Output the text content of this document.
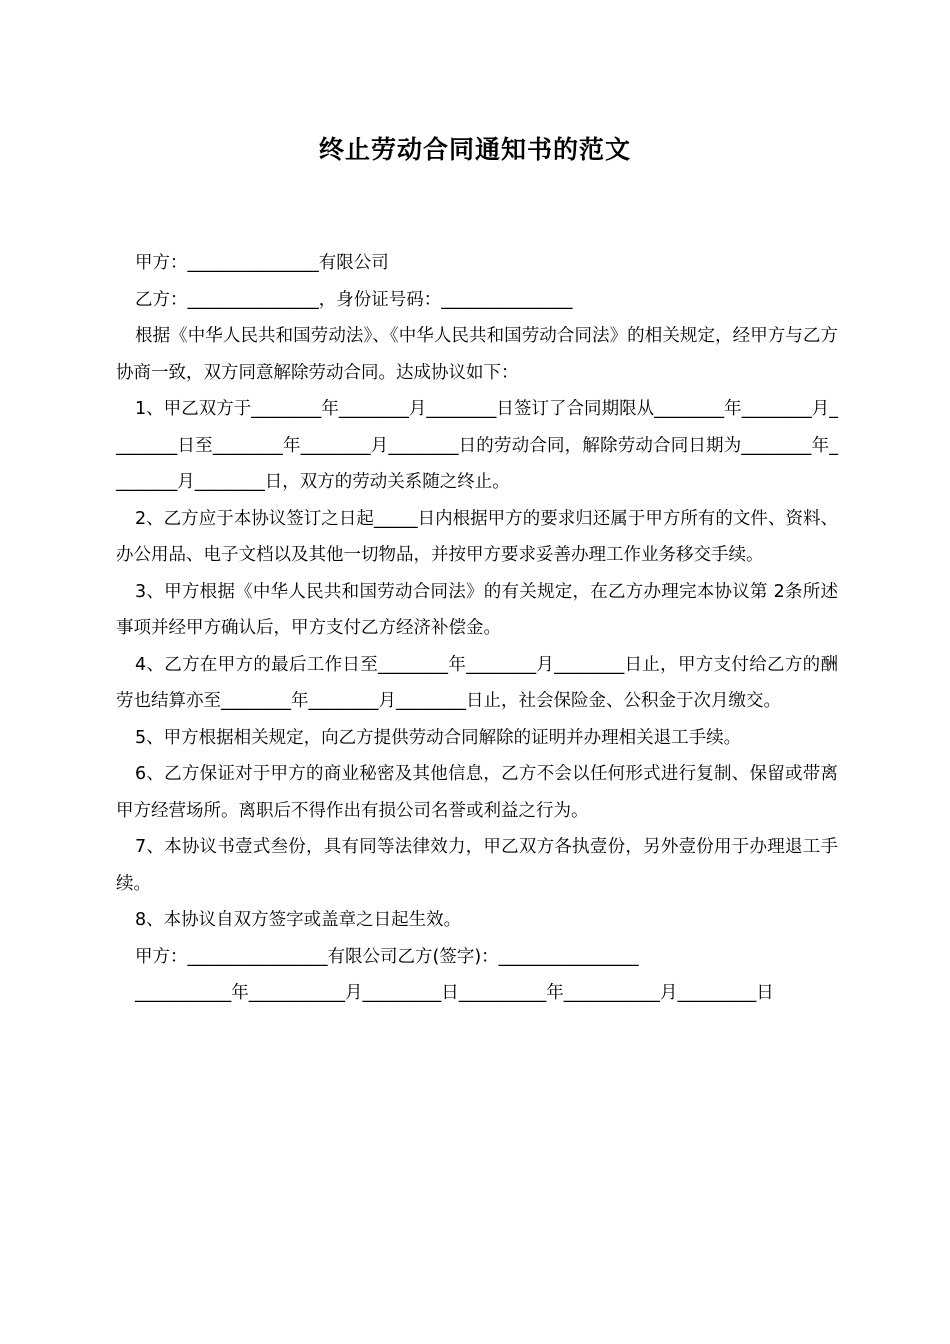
终止劳动合同通知书的范文

甲方：_______________有限公司

乙方：_______________，身份证号码：_______________

根据《中华人民共和国劳动法》、《中华人民共和国劳动合同法》的相关规定，经甲方与乙方协商一致，双方同意解除劳动合同。达成协议如下：

1、甲乙双方于________年________月________日签订了合同期限从________年________月________日至________年________月________日的劳动合同，解除劳动合同日期为________年________月________日，双方的劳动关系随之终止。

2、乙方应于本协议签订之日起_____日内根据甲方的要求归还属于甲方所有的文件、资料、办公用品、电子文档以及其他一切物品，并按甲方要求妥善办理工作业务移交手续。

3、甲方根据《中华人民共和国劳动合同法》的有关规定，在乙方办理完本协议第 2条所述事项并经甲方确认后，甲方支付乙方经济补偿金。

4、乙方在甲方的最后工作日至________年________月________日止，甲方支付给乙方的酬劳也结算亦至________年________月________日止，社会保险金、公积金于次月缴交。

5、甲方根据相关规定，向乙方提供劳动合同解除的证明并办理相关退工手续。

6、乙方保证对于甲方的商业秘密及其他信息，乙方不会以任何形式进行复制、保留或带离甲方经营场所。离职后不得作出有损公司名誉或利益之行为。

7、本协议书壹式叁份，具有同等法律效力，甲乙双方各执壹份，另外壹份用于办理退工手续。

8、本协议自双方签字或盖章之日起生效。

甲方：________________有限公司乙方(签字)：________________

___________年___________月_________日__________年___________月_________日
